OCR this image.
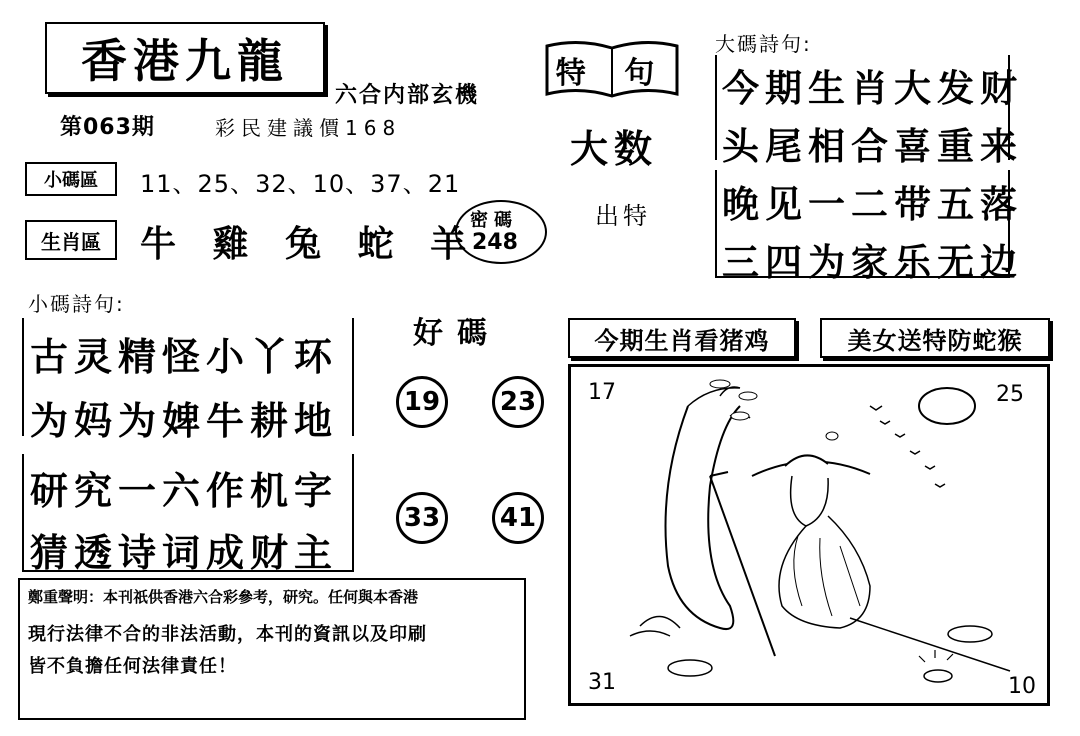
香港九龍
六合内部玄機
第063期	彩民建議價168
小碼區 11、25、32、10、37、21
生肖區 牛 雞 兔 蛇 羊
密碼
248
特 句
大数
出特
大碼詩句:
今期生肖大发财
头尾相合喜重来
晚见一二带五落
三四为家乐无边
小碼詩句:
古灵精怪小丫环
为妈为婢牛耕地
研究一六作机字
猜透诗词成财主
好碼
19	23
33	41
今期生肖看猪鸡	美女送特防蛇猴
17	25
31	10
鄭重聲明：本刊祇供香港六合彩參考，研究。任何與本香港
現行法律不合的非法活動，本刊的資訊以及印刷
皆不負擔任何法律責任！
